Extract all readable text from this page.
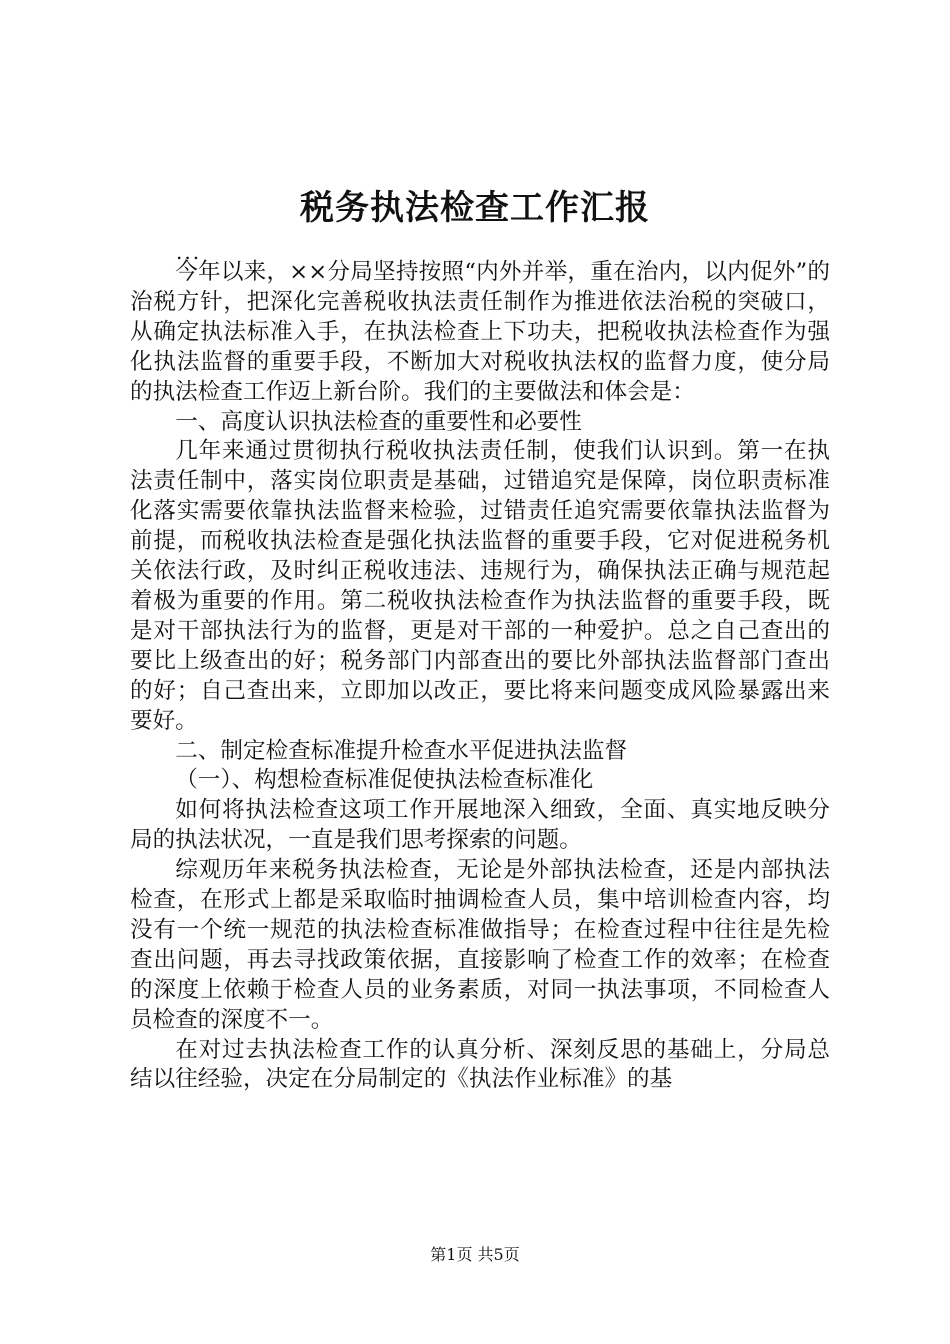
税务执法检查工作汇报
...

今年以来，××分局坚持按照“内外并举，重在治内，以内促外”的治税方针，把深化完善税收执法责任制作为推进依法治税的突破口，从确定执法标准入手，在执法检查上下功夫，把税收执法检查作为强化执法监督的重要手段，不断加大对税收执法权的监督力度，使分局的执法检查工作迈上新台阶。我们的主要做法和体会是：

一、高度认识执法检查的重要性和必要性

几年来通过贯彻执行税收执法责任制，使我们认识到。第一在执法责任制中，落实岗位职责是基础，过错追究是保障，岗位职责标准化落实需要依靠执法监督来检验，过错责任追究需要依靠执法监督为前提，而税收执法检查是强化执法监督的重要手段，它对促进税务机关依法行政，及时纠正税收违法、违规行为，确保执法正确与规范起着极为重要的作用。第二税收执法检查作为执法监督的重要手段，既是对干部执法行为的监督，更是对干部的一种爱护。总之自己查出的要比上级查出的好；税务部门内部查出的要比外部执法监督部门查出的好；自己查出来，立即加以改正，要比将来问题变成风险暴露出来要好。

二、制定检查标准提升检查水平促进执法监督

（一）、构想检查标准促使执法检查标准化

如何将执法检查这项工作开展地深入细致，全面、真实地反映分局的执法状况，一直是我们思考探索的问题。

综观历年来税务执法检查，无论是外部执法检查，还是内部执法检查，在形式上都是采取临时抽调检查人员，集中培训检查内容，均没有一个统一规范的执法检查标准做指导；在检查过程中往往是先检查出问题，再去寻找政策依据，直接影响了检查工作的效率；在检查的深度上依赖于检查人员的业务素质，对同一执法事项，不同检查人员检查的深度不一。

在对过去执法检查工作的认真分析、深刻反思的基础上，分局总结以往经验，决定在分局制定的《执法作业标准》的基

第1页 共5页
